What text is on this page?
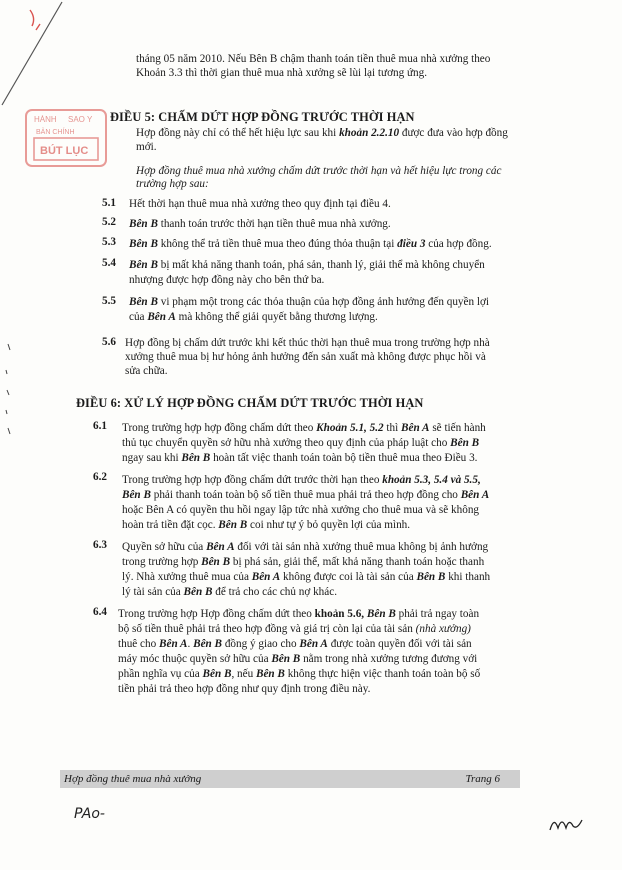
HÀNH SAO Y
BẢN CHÍNH
BÚT LỤC
tháng 05 năm 2010. Nếu Bên B chậm thanh toán tiền thuê mua nhà xưởng theo
Khoản 3.3 thì thời gian thuê mua nhà xưởng sẽ lùi lại tương ứng.
ĐIỀU 5: CHẤM DỨT HỢP ĐỒNG TRƯỚC THỜI HẠN
Hợp đồng này chỉ có thể hết hiệu lực sau khi khoản 2.2.10 được đưa vào hợp đồng
mới.
Hợp đồng thuê mua nhà xưởng chấm dứt trước thời hạn và hết hiệu lực trong các
trường hợp sau:
5.1 Hết thời hạn thuê mua nhà xưởng theo quy định tại điều 4.
5.2 Bên B thanh toán trước thời hạn tiền thuê mua nhà xưởng.
5.3 Bên B không thể trả tiền thuê mua theo đúng thỏa thuận tại điều 3 của hợp đồng.
5.4 Bên B bị mất khả năng thanh toán, phá sản, thanh lý, giải thể mà không chuyển
nhượng được hợp đồng này cho bên thứ ba.
5.5 Bên B vi phạm một trong các thỏa thuận của hợp đồng ảnh hưởng đến quyền lợi
của Bên A mà không thể giải quyết bằng thương lượng.
5.6 Hợp đồng bị chấm dứt trước khi kết thúc thời hạn thuê mua trong trường hợp nhà
xưởng thuê mua bị hư hỏng ảnh hưởng đến sản xuất mà không được phục hồi và
sửa chữa.
ĐIỀU 6: XỬ LÝ HỢP ĐỒNG CHẤM DỨT TRƯỚC THỜI HẠN
6.1 Trong trường hợp hợp đồng chấm dứt theo Khoản 5.1, 5.2 thì Bên A sẽ tiến hành
thủ tục chuyển quyền sở hữu nhà xưởng theo quy định của pháp luật cho Bên B
ngay sau khi Bên B hoàn tất việc thanh toán toàn bộ tiền thuê mua theo Điều 3.
6.2 Trong trường hợp hợp đồng chấm dứt trước thời hạn theo khoản 5.3, 5.4 và 5.5,
Bên B phải thanh toán toàn bộ số tiền thuê mua phải trả theo hợp đồng cho Bên A
hoặc Bên A có quyền thu hồi ngay lập tức nhà xưởng cho thuê mua và sẽ không
hoàn trả tiền đặt cọc. Bên B coi như tự ý bỏ quyền lợi của mình.
6.3 Quyền sở hữu của Bên A đối với tài sản nhà xưởng thuê mua không bị ảnh hưởng
trong trường hợp Bên B bị phá sản, giải thể, mất khả năng thanh toán hoặc thanh
lý. Nhà xưởng thuê mua của Bên A không được coi là tài sản của Bên B khi thanh
lý tài sản của Bên B để trả cho các chủ nợ khác.
6.4 Trong trường hợp Hợp đồng chấm dứt theo khoản 5.6, Bên B phải trả ngay toàn
bộ số tiền thuê phải trả theo hợp đồng và giá trị còn lại của tài sản (nhà xưởng)
thuê cho Bên A. Bên B đồng ý giao cho Bên A được toàn quyền đối với tài sản
máy móc thuộc quyền sở hữu của Bên B nằm trong nhà xưởng tương đương với
phần nghĩa vụ của Bên B, nếu Bên B không thực hiện việc thanh toán toàn bộ số
tiền phải trả theo hợp đồng như quy định trong điều này.
Hợp đồng thuê mua nhà xưởng	Trang 6
PAo-
